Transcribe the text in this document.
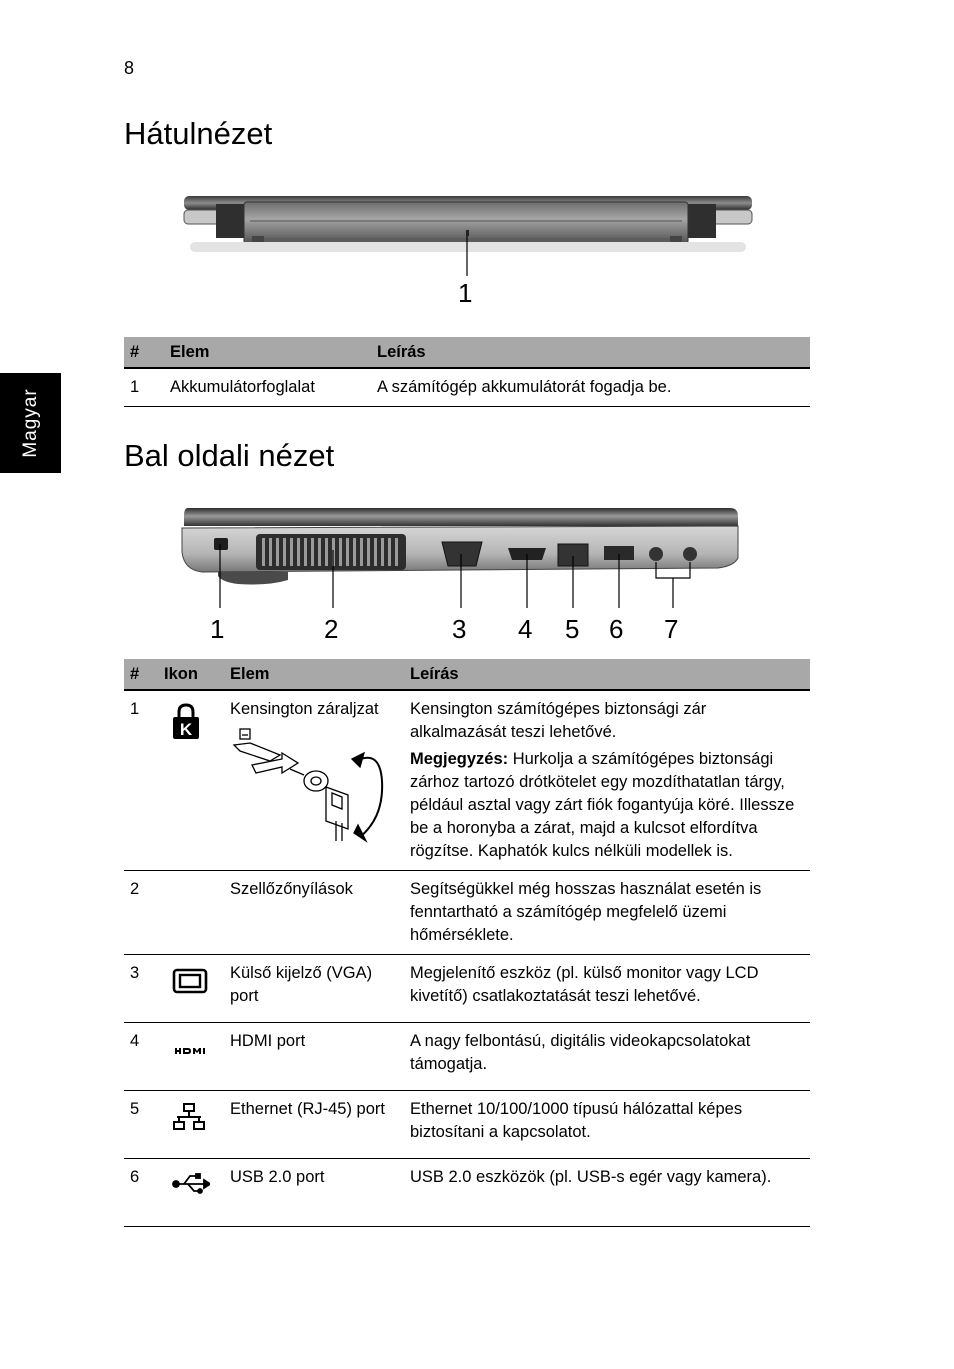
8
Magyar
Hátulnézet
1
#	Elem	Leírás
1	Akkumulátorfoglalat	A számítógép akkumulátorát fogadja be.
Bal oldali nézet
1	2	3 4 5 6 7
#	Ikon	Elem	Leírás
1	K	Kensington záraljzat	Kensington számítógépes biztonsági zár alkalmazását teszi lehetővé.
Megjegyzés: Hurkolja a számítógépes biztonsági zárhoz tartozó drótkötelet egy mozdíthatatlan tárgy, például asztal vagy zárt fiók fogantyúja köré. Illessze be a horonyba a zárat, majd a kulcsot elfordítva rögzítse. Kaphatók kulcs nélküli modellek is.

2		Szellőzőnyílások	Segítségükkel még hosszas használat esetén is fenntartható a számítógép megfelelő üzemi hőmérséklete.
3		Külső kijelző (VGA) port	Megjelenítő eszköz (pl. külső monitor vagy LCD kivetítő) csatlakoztatását teszi lehetővé.
4		HDMI port	A nagy felbontású, digitális videokapcsolatokat támogatja.
5		Ethernet (RJ-45) port	Ethernet 10/100/1000 típusú hálózattal képes biztosítani a kapcsolatot.
6		USB 2.0 port	USB 2.0 eszközök (pl. USB-s egér vagy kamera).
